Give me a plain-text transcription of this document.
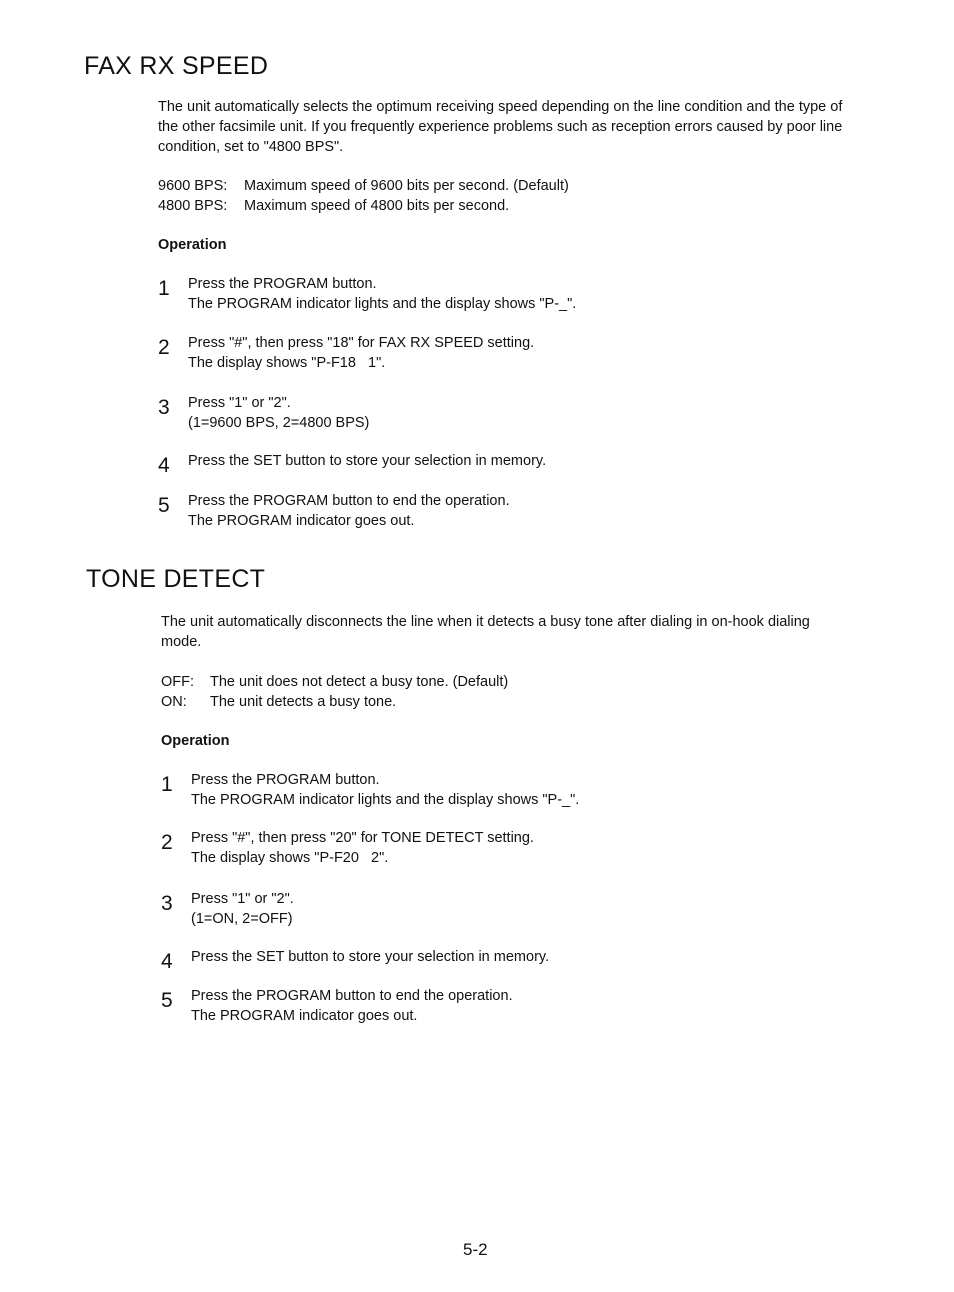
FAX RX SPEED

The unit automatically selects the optimum receiving speed depending on the line condition and the type of the other facsimile unit. If you frequently experience problems such as reception errors caused by poor line condition, set to "4800 BPS".

9600 BPS:	Maximum speed of 9600 bits per second. (Default)
4800 BPS:	Maximum speed of 4800 bits per second.
Operation
1	Press the PROGRAM button.
The PROGRAM indicator lights and the display shows "P-_".
2	Press "#", then press "18" for FAX RX SPEED setting.
The display shows "P-F18   1".
3	Press "1" or "2".
(1=9600 BPS, 2=4800 BPS)
4	Press the SET button to store your selection in memory.
5	Press the PROGRAM button to end the operation.
The PROGRAM indicator goes out.
TONE DETECT

The unit automatically disconnects the line when it detects a busy tone after dialing in on-hook dialing mode.

OFF:	The unit does not detect a busy tone. (Default)
ON:	The unit detects a busy tone.
Operation
1	Press the PROGRAM button.
The PROGRAM indicator lights and the display shows "P-_".
2	Press "#", then press "20" for TONE DETECT setting.
The display shows "P-F20   2".
3	Press "1" or "2".
(1=ON, 2=OFF)
4	Press the SET button to store your selection in memory.
5	Press the PROGRAM button to end the operation.
The PROGRAM indicator goes out.
5-2
